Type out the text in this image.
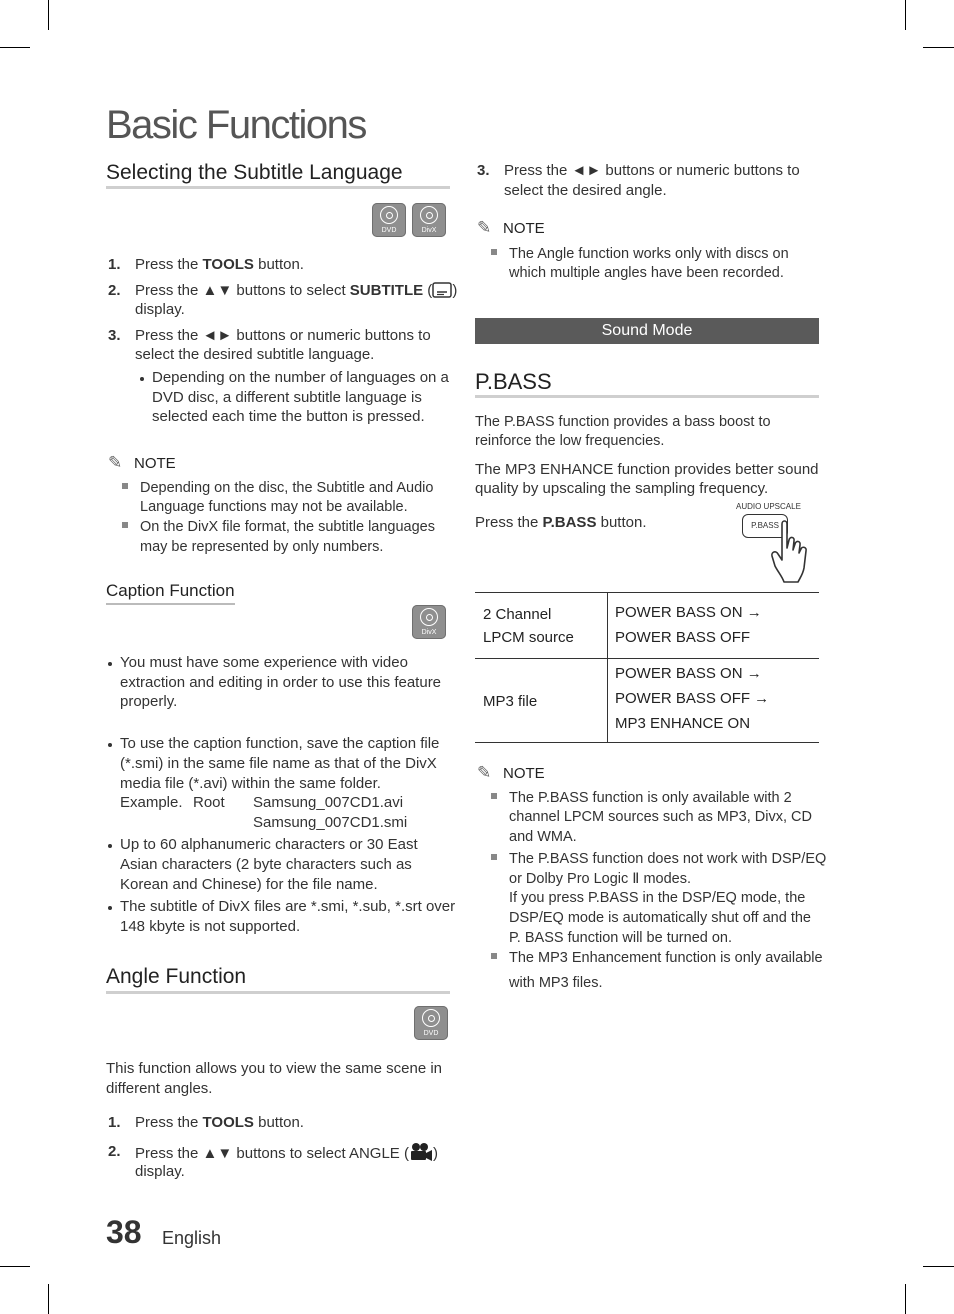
Basic Functions
Selecting the Subtitle Language
DVD	DivX
1. Press the TOOLS button.
2. Press the ▲▼ buttons to select SUBTITLE ( )
display.
3. Press the ◄► buttons or numeric buttons to
select the desired subtitle language.
Depending on the number of languages on a
DVD disc, a different subtitle language is
selected each time the button is pressed.
✎ NOTE
Depending on the disc, the Subtitle and Audio
Language functions may not be available.
On the DivX file format, the subtitle languages
may be represented by only numbers.
Caption Function
DivX
You must have some experience with video
extraction and editing in order to use this feature
properly.
To use the caption function, save the caption file
(*.smi) in the same file name as that of the DivX
media file (*.avi) within the same folder.
Example. Root Samsung_007CD1.avi
Samsung_007CD1.smi
Up to 60 alphanumeric characters or 30 East
Asian characters (2 byte characters such as
Korean and Chinese) for the file name.
The subtitle of DivX files are *.smi, *.sub, *.srt over
148 kbyte is not supported.
Angle Function
DVD
This function allows you to view the same scene in
different angles.
1. Press the TOOLS button.
2. Press the ▲▼ buttons to select ANGLE ( )
display.
38 English
3. Press the ◄► buttons or numeric buttons to
select the desired angle.
✎ NOTE
The Angle function works only with discs on
which multiple angles have been recorded.
Sound Mode
P.BASS
The P.BASS function provides a bass boost to
reinforce the low frequencies.
The MP3 ENHANCE function provides better sound
quality by upscaling the sampling frequency.
Press the P.BASS button.
AUDIO UPSCALE
P.BASS
2 Channel
LPCM source
POWER BASS ON →
POWER BASS OFF
MP3 file
POWER BASS ON →
POWER BASS OFF →
MP3 ENHANCE ON
✎ NOTE
The P.BASS function is only available with 2
channel LPCM sources such as MP3, Divx, CD
and WMA.
The P.BASS function does not work with DSP/EQ
or Dolby Pro Logic Ⅱ modes.
If you press P.BASS in the DSP/EQ mode, the
DSP/EQ mode is automatically shut off and the
P. BASS function will be turned on.
The MP3 Enhancement function is only available
with MP3 files.
